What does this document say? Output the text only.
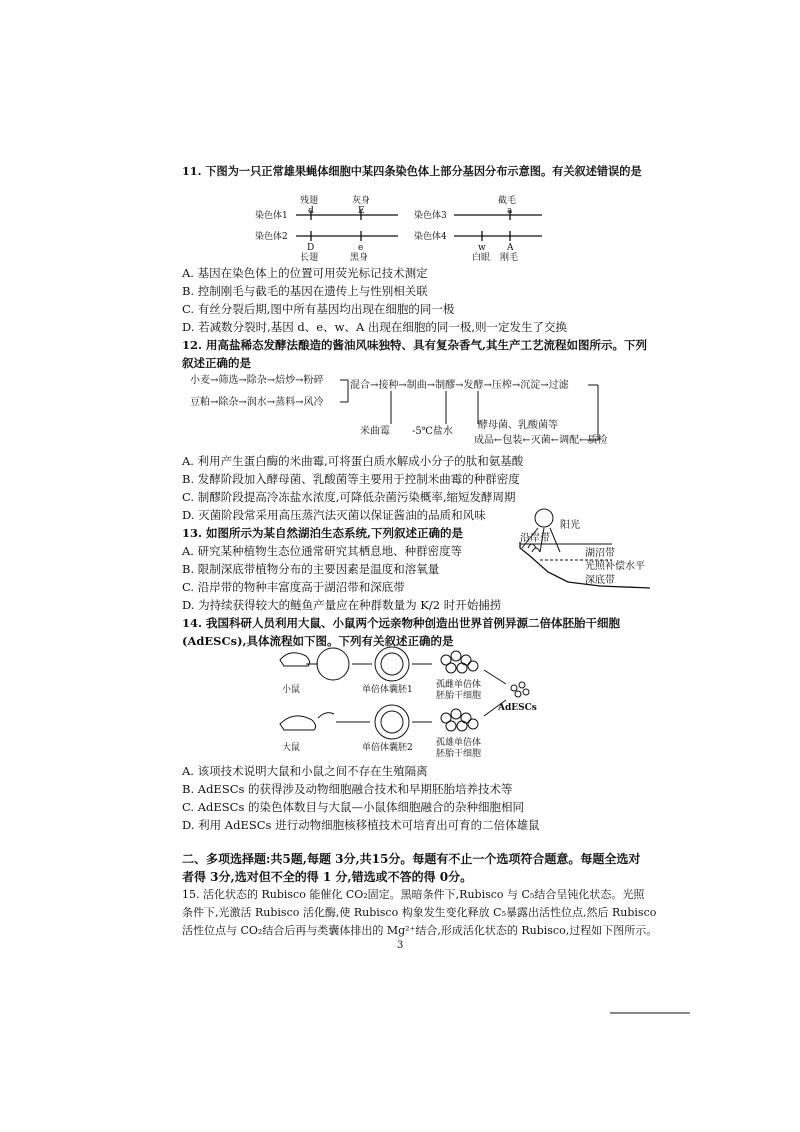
11. 下图为一只正常雄果蝇体细胞中某四条染色体上部分基因分布示意图。有关叙述错误的是
残翅
d
灰身
E
染色体1
染色体2
D
长翅
e
黑身
截毛
a
染色体3
染色体4
w
白眼
A
刚毛
A. 基因在染色体上的位置可用荧光标记技术测定
B. 控制刚毛与截毛的基因在遗传上与性别相关联
C. 有丝分裂后期,图中所有基因均出现在细胞的同一极
D. 若减数分裂时,基因 d、e、w、A 出现在细胞的同一极,则一定发生了交换
12. 用高盐稀态发酵法酿造的酱油风味独特、具有复杂香气,其生产工艺流程如图所示。下列
叙述正确的是
小麦→筛选→除杂→焙炒→粉碎
豆粕→除杂→润水→蒸料→风冷
混合→接种→制曲→制醪→发酵→压榨→沉淀→过滤
米曲霉 -5℃盐水
酵母菌、乳酸菌等
成品←包装←灭菌←调配←质检
A. 利用产生蛋白酶的米曲霉,可将蛋白质水解成小分子的肽和氨基酸
B. 发酵阶段加入酵母菌、乳酸菌等主要用于控制米曲霉的种群密度
C. 制醪阶段提高冷冻盐水浓度,可降低杂菌污染概率,缩短发酵周期
D. 灭菌阶段常采用高压蒸汽法灭菌以保证酱油的品质和风味
13. 如图所示为某自然湖泊生态系统,下列叙述正确的是
阳光
沿岸带
湖沼带
光照补偿水平
深底带
A. 研究某种植物生态位通常研究其栖息地、种群密度等
B. 限制深底带植物分布的主要因素是温度和溶氧量
C. 沿岸带的物种丰富度高于湖沼带和深底带
D. 为持续获得较大的鲢鱼产量应在种群数量为 K/2 时开始捕捞
14. 我国科研人员利用大鼠、小鼠两个远亲物种创造出世界首例异源二倍体胚胎干细胞
(AdESCs),具体流程如下图。下列有关叙述正确的是
小鼠	单倍体囊胚1	孤雌单倍体
胚胎干细胞
AdESCs
大鼠	单倍体囊胚2	孤雄单倍体
胚胎干细胞
A. 该项技术说明大鼠和小鼠之间不存在生殖隔离
B. AdESCs 的获得涉及动物细胞融合技术和早期胚胎培养技术等
C. AdESCs 的染色体数目与大鼠—小鼠体细胞融合的杂种细胞相同
D. 利用 AdESCs 进行动物细胞核移植技术可培育出可育的二倍体雄鼠
二、多项选择题:共5题,每题 3分,共15分。每题有不止一个选项符合题意。每题全选对
者得 3分,选对但不全的得 1 分,错选或不答的得 0分。
15. 活化状态的 Rubisco 能催化 CO₂固定。黑暗条件下,Rubisco 与 C₅结合呈钝化状态。光照
条件下,光激活 Rubisco 活化酶,使 Rubisco 构象发生变化释放 C₅暴露出活性位点,然后 Rubisco
活性位点与 CO₂结合后再与类囊体排出的 Mg²⁺结合,形成活化状态的 Rubisco,过程如下图所示。
3
